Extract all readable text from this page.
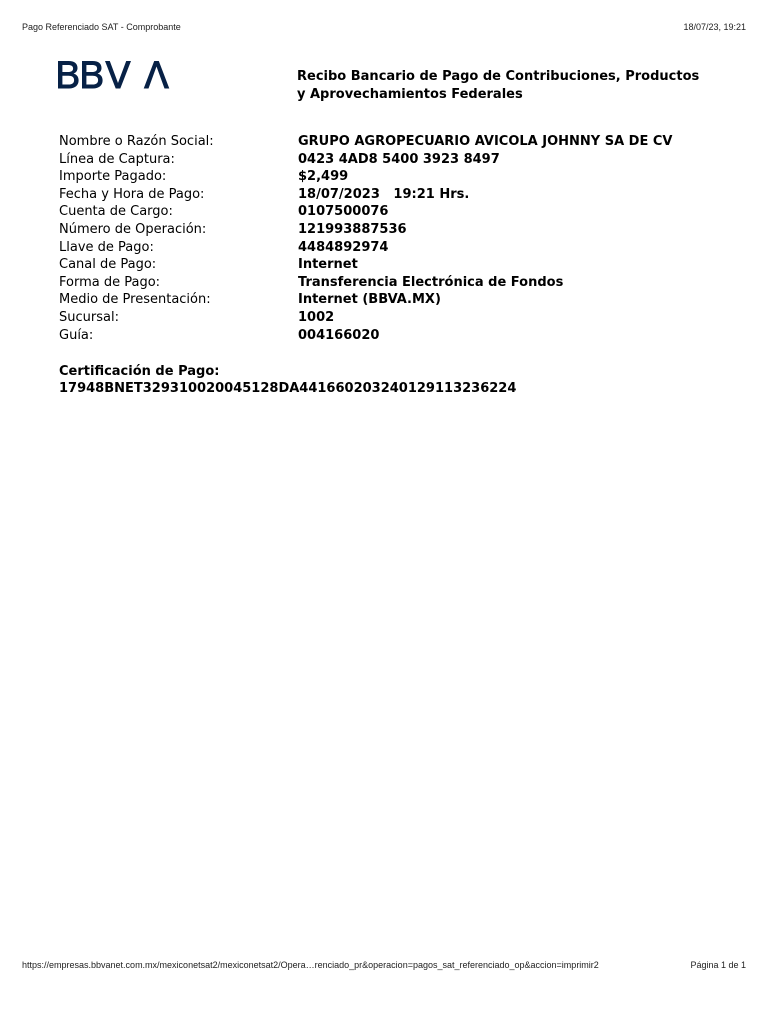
Pago Referenciado SAT - Comprobante	18/07/23, 19:21
Recibo Bancario de Pago de Contribuciones, Productos
y Aprovechamientos Federales
Nombre o Razón Social:	GRUPO AGROPECUARIO AVICOLA JOHNNY SA DE CV
Línea de Captura:	0423 4AD8 5400 3923 8497
Importe Pagado:	$2,499
Fecha y Hora de Pago:	18/07/2023   19:21 Hrs.
Cuenta de Cargo:	0107500076
Número de Operación:	121993887536
Llave de Pago:	4484892974
Canal de Pago:	Internet
Forma de Pago:	Transferencia Electrónica de Fondos
Medio de Presentación:	Internet (BBVA.MX)
Sucursal:	1002
Guía:	004166020
Certificación de Pago:
17948BNET329310020045128DA441660203240129113236224
https://empresas.bbvanet.com.mx/mexiconetsat2/mexiconetsat2/Opera…renciado_pr&operacion=pagos_sat_referenciado_op&accion=imprimir2	Página 1 de 1
